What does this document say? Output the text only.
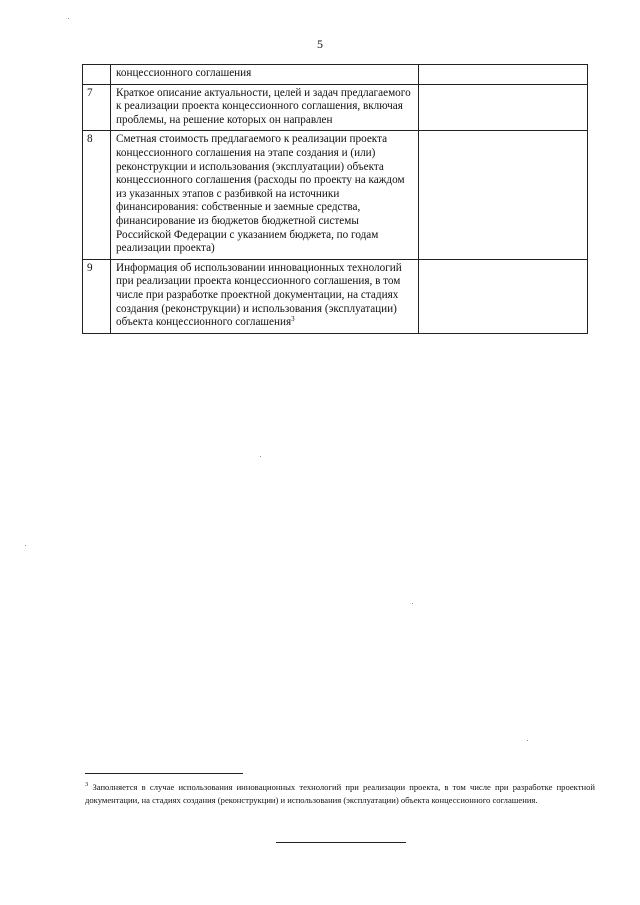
5
	концессионного соглашения	
7	Краткое описание актуальности, целей и задач предлагаемого к реализации проекта концессионного соглашения, включая проблемы, на решение которых он направлен	
8	Сметная стоимость предлагаемого к реализации проекта концессионного соглашения на этапе создания и (или) реконструкции и использования (эксплуатации) объекта концессионного соглашения (расходы по проекту на каждом из указанных этапов с разбивкой на источники финансирования: собственные и заемные средства, финансирование из бюджетов бюджетной системы Российской Федерации с указанием бюджета, по годам реализации проекта)	
9	Информация об использовании инновационных технологий при реализации проекта концессионного соглашения, в том числе при разработке проектной документации, на стадиях создания (реконструкции) и использования (эксплуатации) объекта концессионного соглашения$^3$	
$^3$ Заполняется в случае использования инновационных технологий при реализации проекта, в том числе при разработке проектной документации, на стадиях создания (реконструкции) и использования (эксплуатации) объекта концессионного соглашения.
